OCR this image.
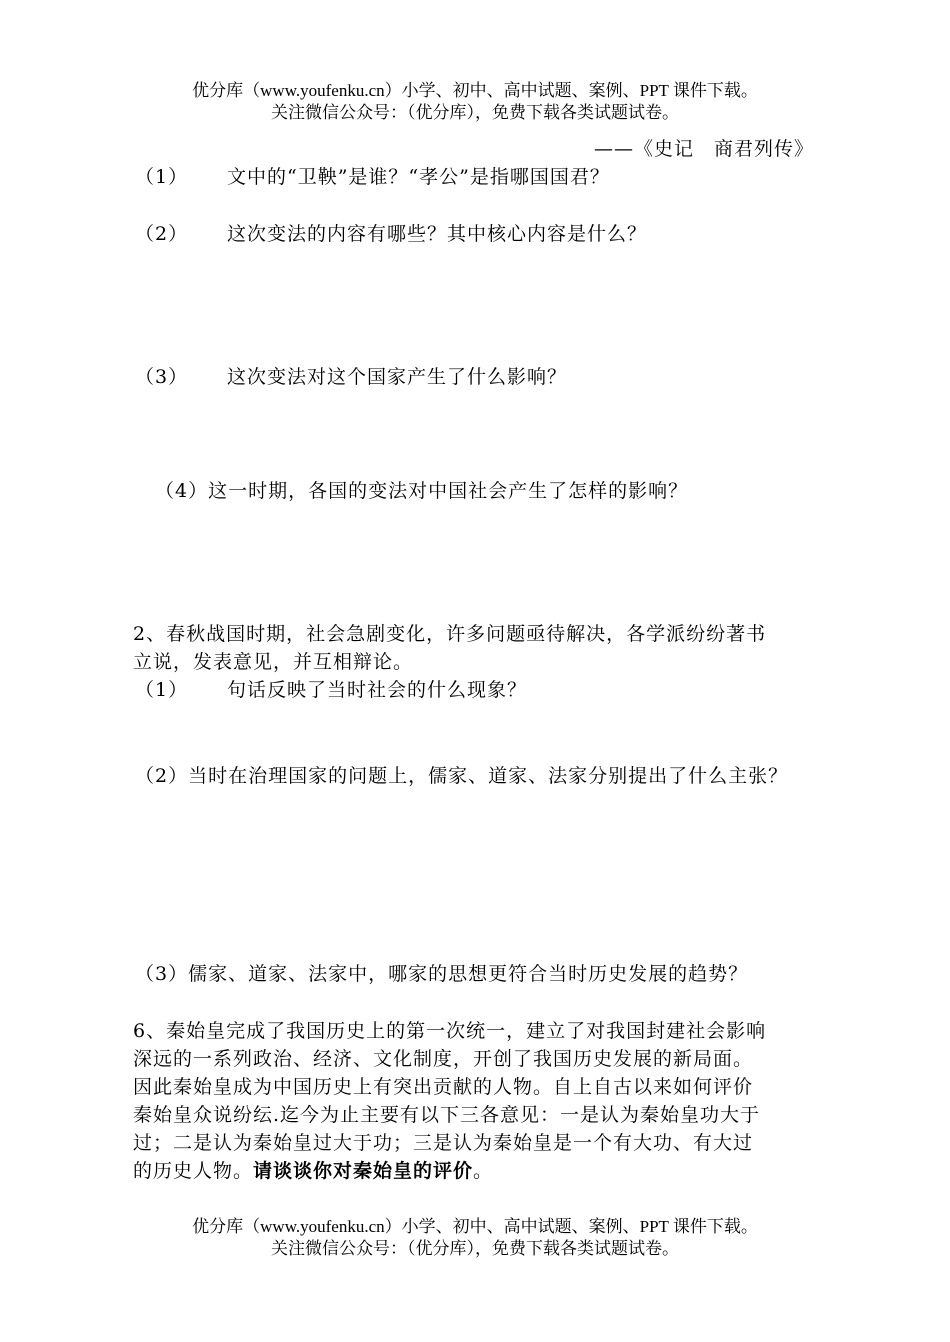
优分库（www.youfenku.cn）小学、初中、高中试题、案例、PPT 课件下载。
关注微信公众号：（优分库），免费下载各类试题试卷。
——《史记　商君列传》
（1） 文中的“卫鞅”是谁？“孝公”是指哪国国君？
（2） 这次变法的内容有哪些？其中核心内容是什么？
（3） 这次变法对这个国家产生了什么影响？
（4）这一时期，各国的变法对中国社会产生了怎样的影响？
2、春秋战国时期，社会急剧变化，许多问题亟待解决，各学派纷纷著书
立说，发表意见，并互相辩论。
（1） 句话反映了当时社会的什么现象？
（2）当时在治理国家的问题上，儒家、道家、法家分别提出了什么主张？
（3）儒家、道家、法家中，哪家的思想更符合当时历史发展的趋势？
6、秦始皇完成了我国历史上的第一次统一，建立了对我国封建社会影响
深远的一系列政治、经济、文化制度，开创了我国历史发展的新局面。
因此秦始皇成为中国历史上有突出贡献的人物。自上自古以来如何评价
秦始皇众说纷纭.迄今为止主要有以下三各意见：一是认为秦始皇功大于
过；二是认为秦始皇过大于功；三是认为秦始皇是一个有大功、有大过
的历史人物。请谈谈你对秦始皇的评价。
优分库（www.youfenku.cn）小学、初中、高中试题、案例、PPT 课件下载。
关注微信公众号：（优分库），免费下载各类试题试卷。
